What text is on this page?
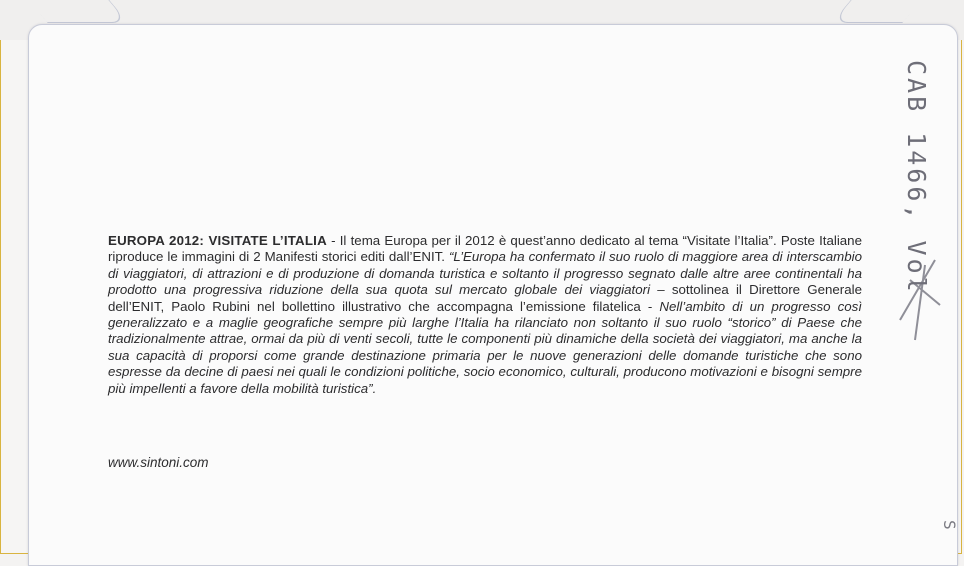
EUROPA 2012: VISITATE L’ITALIA - Il tema Europa per il 2012 è quest’anno dedicato al tema “Visitate l’Italia”. Poste Italiane riproduce le immagini di 2 Manifesti storici editi dall’ENIT. “L’Europa ha confermato il suo ruolo di maggiore area di interscambio di viaggiatori, di attrazioni e di produzione di domanda turistica e soltanto il progresso segnato dalle altre aree continentali ha prodotto una progressiva riduzione della sua quota sul mercato globale dei viaggiatori – sottolinea il Direttore Generale dell’ENIT, Paolo Rubini nel bollettino illustrativo che accompagna l’emissione filatelica - Nell’ambito di un progresso così generalizzato e a maglie geografiche sempre più larghe l’Italia ha rilanciato non soltanto il suo ruolo “storico” di Paese che tradizionalmente attrae, ormai da più di venti secoli, tutte le componenti più dinamiche della società dei viaggiatori, ma anche la sua capacità di proporsi come grande destinazione primaria per le nuove generazioni delle domande turistiche che sono espresse da decine di paesi nei quali le condizioni politiche, socio economico, culturali, producono motivazioni e bisogni sempre più impellenti a favore della mobilità turistica”.
www.sintoni.com
CAB 1466, Vol
S
